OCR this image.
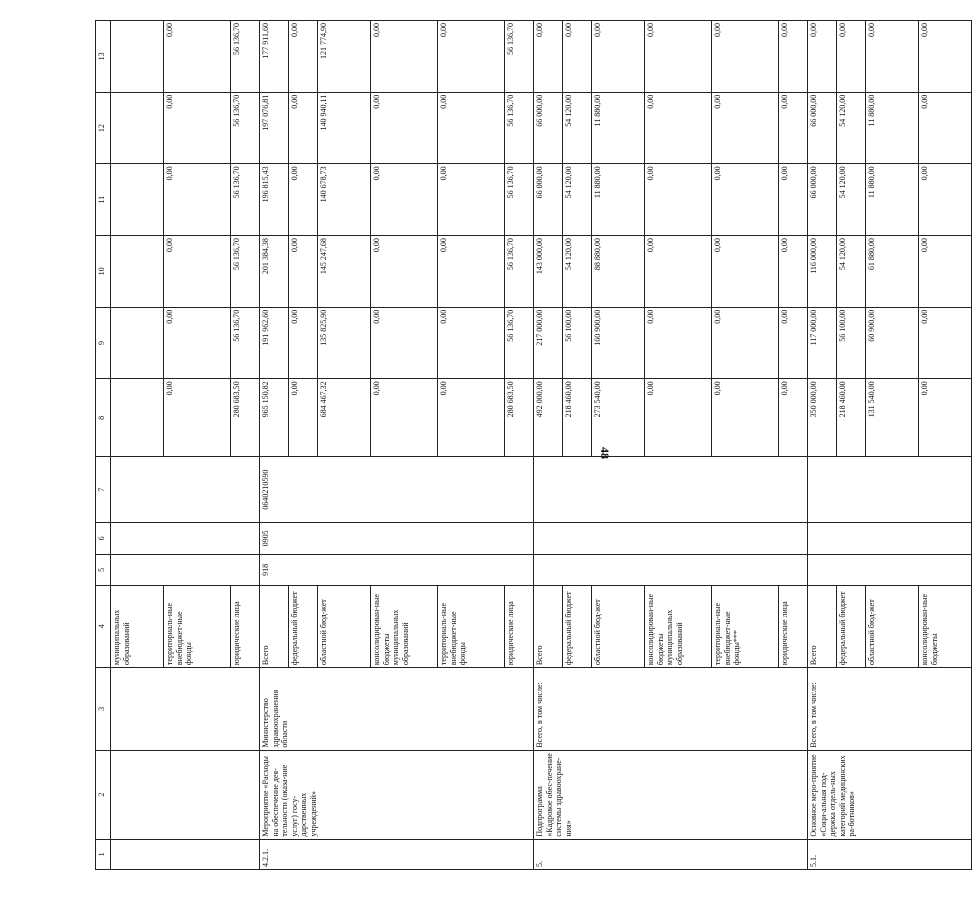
48
1	2	3	4	5	6	7	8	9	10	11	12	13

			муниципальных образований									

			территориаль-ные внебюджет-ные фонды				0,00	0,00	0,00	0,00	0,00	0,00

			юридические лица				280 683,50	56 136,70	56 136,70	56 136,70	56 136,70	56 136,70
4.2.1.	Мероприятие «Расходы на обеспечение дея-тельности (оказа-ние услуг) госу-дарственных учреждений»	Министерство здравоохранения области	Всего	918	0905	0640210590	965 150,82	191 962,60	201 384,38	196 815,43	197 076,81	177 911,60

			федеральный бюджет				0,00	0,00	0,00	0,00	0,00	0,00

			областной бюд-жет				684 467,32	135 825,90	145 247,68	140 678,73	140 940,11	121 774,90

			консолидирован-ные бюджеты муниципальных образований				0,00	0,00	0,00	0,00	0,00	0,00

			территориаль-ные внебюджет-ные фонды				0,00	0,00	0,00	0,00	0,00	0,00

			юридические лица				280 683,50	56 136,70	56 136,70	56 136,70	56 136,70	56 136,70
5.	Подпрограмма «Кадровое обес-печение системы здравоохране-ния»	Всего, в том числе:	Всего				492 000,00	217 000,00	143 000,00	66 000,00	66 000,00	0,00

			федеральный бюджет				218 460,00	56 100,00	54 120,00	54 120,00	54 120,00	0,00

			областной бюд-жет				273 540,00	160 900,00	88 880,00	11 880,00	11 880,00	0,00

			консолидирован-ные бюджеты муниципальных образований				0,00	0,00	0,00	0,00	0,00	0,00

			территориаль-ные внебюджет-ные фонды***				0,00	0,00	0,00	0,00	0,00	0,00

			юридические лица				0,00	0,00	0,00	0,00	0,00	0,00
5.1.	Основное меро-приятие «Соци-альная под-держка отдель-ных категорий медицинских ра-ботников»	Всего, в том числе:	Всего				350 000,00	117 000,00	116 000,00	66 000,00	66 000,00	0,00

			федеральный бюджет				218 460,00	56 100,00	54 120,00	54 120,00	54 120,00	0,00

			областной бюд-жет				131 540,00	60 900,00	61 880,00	11 880,00	11 880,00	0,00

			консолидирован-ные бюджеты				0,00	0,00	0,00	0,00	0,00	0,00
